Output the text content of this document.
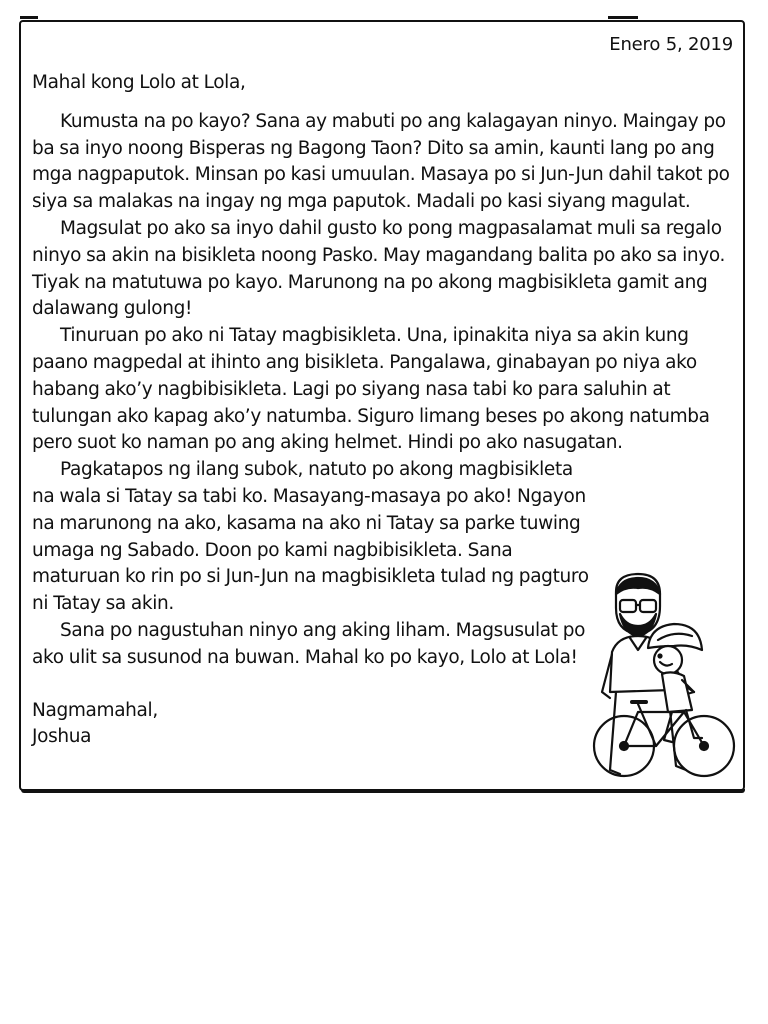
Enero 5, 2019
Mahal kong Lolo at Lola,

Kumusta na po kayo? Sana ay mabuti po ang kalagayan ninyo. Maingay po ba sa inyo noong Bisperas ng Bagong Taon? Dito sa amin, kaunti lang po ang mga nagpaputok. Minsan po kasi umuulan. Masaya po si Jun-Jun dahil takot po siya sa malakas na ingay ng mga paputok. Madali po kasi siyang magulat.

Magsulat po ako sa inyo dahil gusto ko pong magpasalamat muli sa regalo ninyo sa akin na bisikleta noong Pasko. May magandang balita po ako sa inyo. Tiyak na matutuwa po kayo. Marunong na po akong magbisikleta gamit ang dalawang gulong!

Tinuruan po ako ni Tatay magbisikleta. Una, ipinakita niya sa akin kung paano magpedal at ihinto ang bisikleta. Pangalawa, ginabayan po niya ako habang ako’y nagbibisikleta. Lagi po siyang nasa tabi ko para saluhin at tulungan ako kapag ako’y natumba. Siguro limang beses po akong natumba pero suot ko naman po ang aking helmet. Hindi po ako nasugatan.

Pagkatapos ng ilang subok, natuto po akong magbisikleta na wala si Tatay sa tabi ko. Masayang-masaya po ako! Ngayon na marunong na ako, kasama na ako ni Tatay sa parke tuwing umaga ng Sabado. Doon po kami nagbibisikleta. Sana maturuan ko rin po si Jun-Jun na magbisikleta tulad ng pagturo ni Tatay sa akin.

Sana po nagustuhan ninyo ang aking liham. Magsusulat po ako ulit sa susunod na buwan. Mahal ko po kayo, Lolo at Lola!

Nagmamahal,
Joshua
